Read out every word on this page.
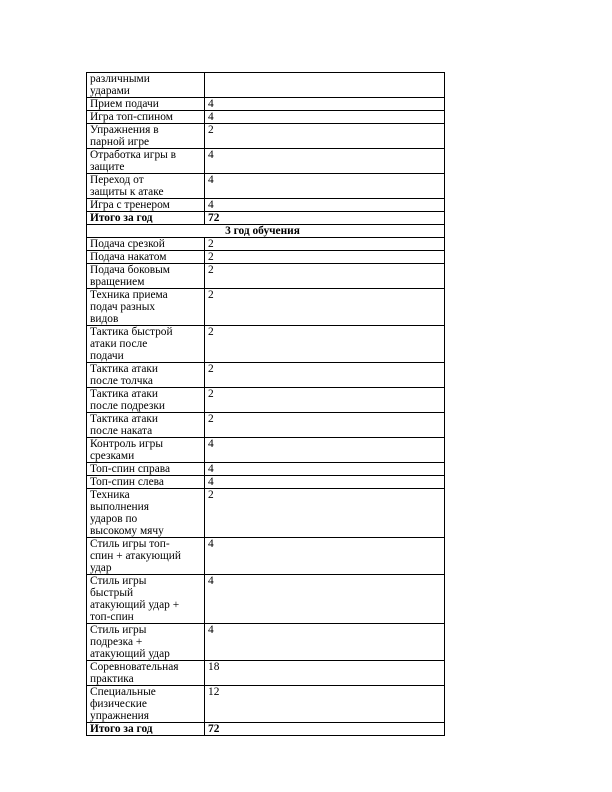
различными
ударами	
Прием подачи	4
Игра топ-спином	4
Упражнения в
парной игре	2
Отработка игры в
защите	4
Переход от
защиты к атаке	4
Игра с тренером	4
Итого за год	72
3 год обучения	
Подача срезкой	2
Подача накатом	2
Подача боковым
вращением	2
Техника приема
подач разных
видов	2
Тактика быстрой
атаки после
подачи	2
Тактика атаки
после толчка	2
Тактика атаки
после подрезки	2
Тактика атаки
после наката	2
Контроль игры
срезками	4
Топ-спин справа	4
Топ-спин слева	4
Техника
выполнения
ударов по
высокому мячу	2
Стиль игры топ-
спин + атакующий
удар	4
Стиль игры
быстрый
атакующий удар +
топ-спин	4
Стиль игры
подрезка +
атакующий удар	4
Соревновательная
практика	18
Специальные
физические
упражнения	12
Итого за год	72
